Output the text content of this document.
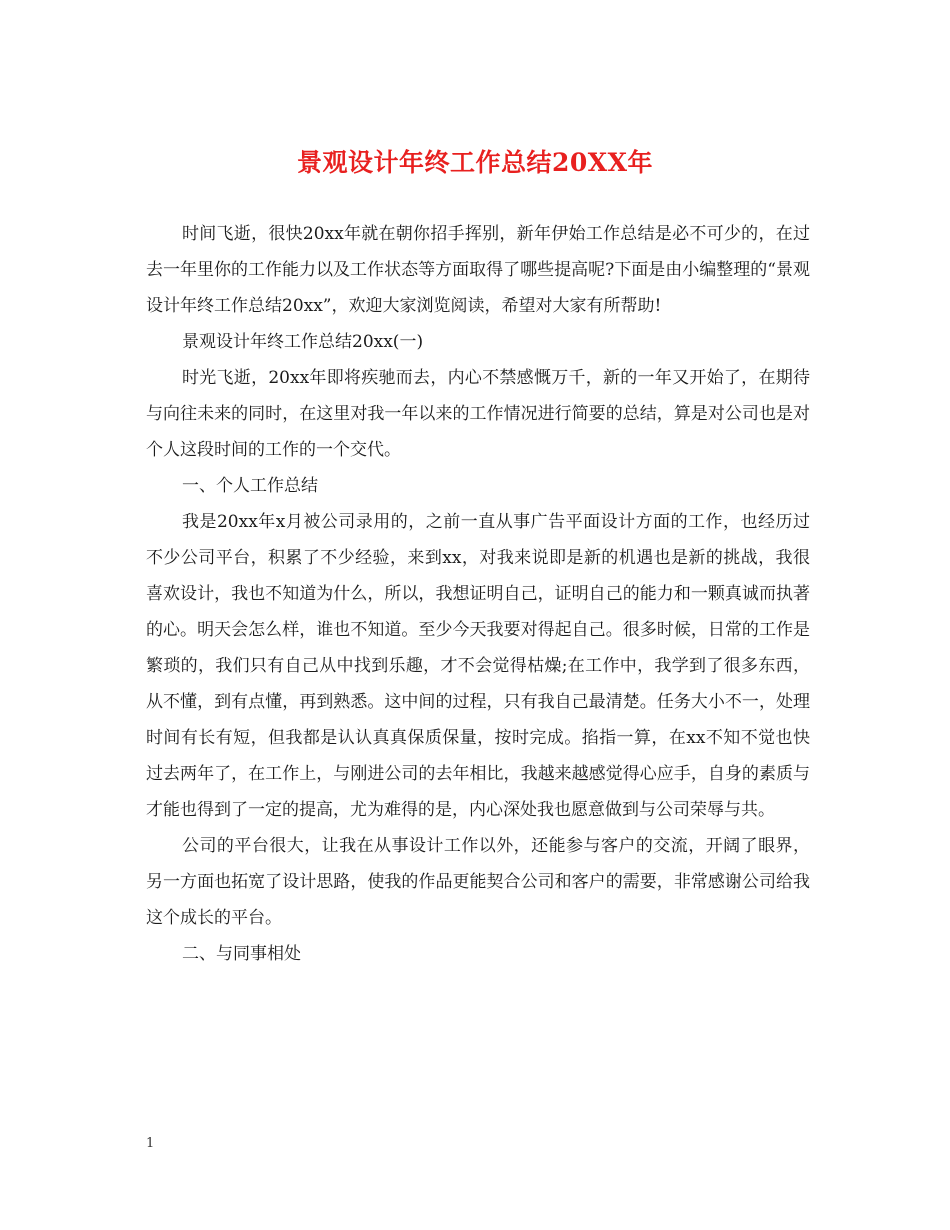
景观设计年终工作总结20XX年

时间飞逝，很快20xx年就在朝你招手挥别，新年伊始工作总结是必不可少的，在过去一年里你的工作能力以及工作状态等方面取得了哪些提高呢?下面是由小编整理的“景观设计年终工作总结20xx”，欢迎大家浏览阅读，希望对大家有所帮助!

景观设计年终工作总结20xx(一)

时光飞逝，20xx年即将疾驰而去，内心不禁感慨万千，新的一年又开始了，在期待与向往未来的同时，在这里对我一年以来的工作情况进行简要的总结，算是对公司也是对个人这段时间的工作的一个交代。

一、个人工作总结

我是20xx年x月被公司录用的，之前一直从事广告平面设计方面的工作，也经历过不少公司平台，积累了不少经验，来到xx，对我来说即是新的机遇也是新的挑战，我很喜欢设计，我也不知道为什么，所以，我想证明自己，证明自己的能力和一颗真诚而执著的心。明天会怎么样，谁也不知道。至少今天我要对得起自己。很多时候，日常的工作是繁琐的，我们只有自己从中找到乐趣，才不会觉得枯燥;在工作中，我学到了很多东西，从不懂，到有点懂，再到熟悉。这中间的过程，只有我自己最清楚。任务大小不一，处理时间有长有短，但我都是认认真真保质保量，按时完成。掐指一算，在xx不知不觉也快过去两年了，在工作上，与刚进公司的去年相比，我越来越感觉得心应手，自身的素质与才能也得到了一定的提高，尤为难得的是，内心深处我也愿意做到与公司荣辱与共。

公司的平台很大，让我在从事设计工作以外，还能参与客户的交流，开阔了眼界，另一方面也拓宽了设计思路，使我的作品更能契合公司和客户的需要，非常感谢公司给我这个成长的平台。

二、与同事相处

1
